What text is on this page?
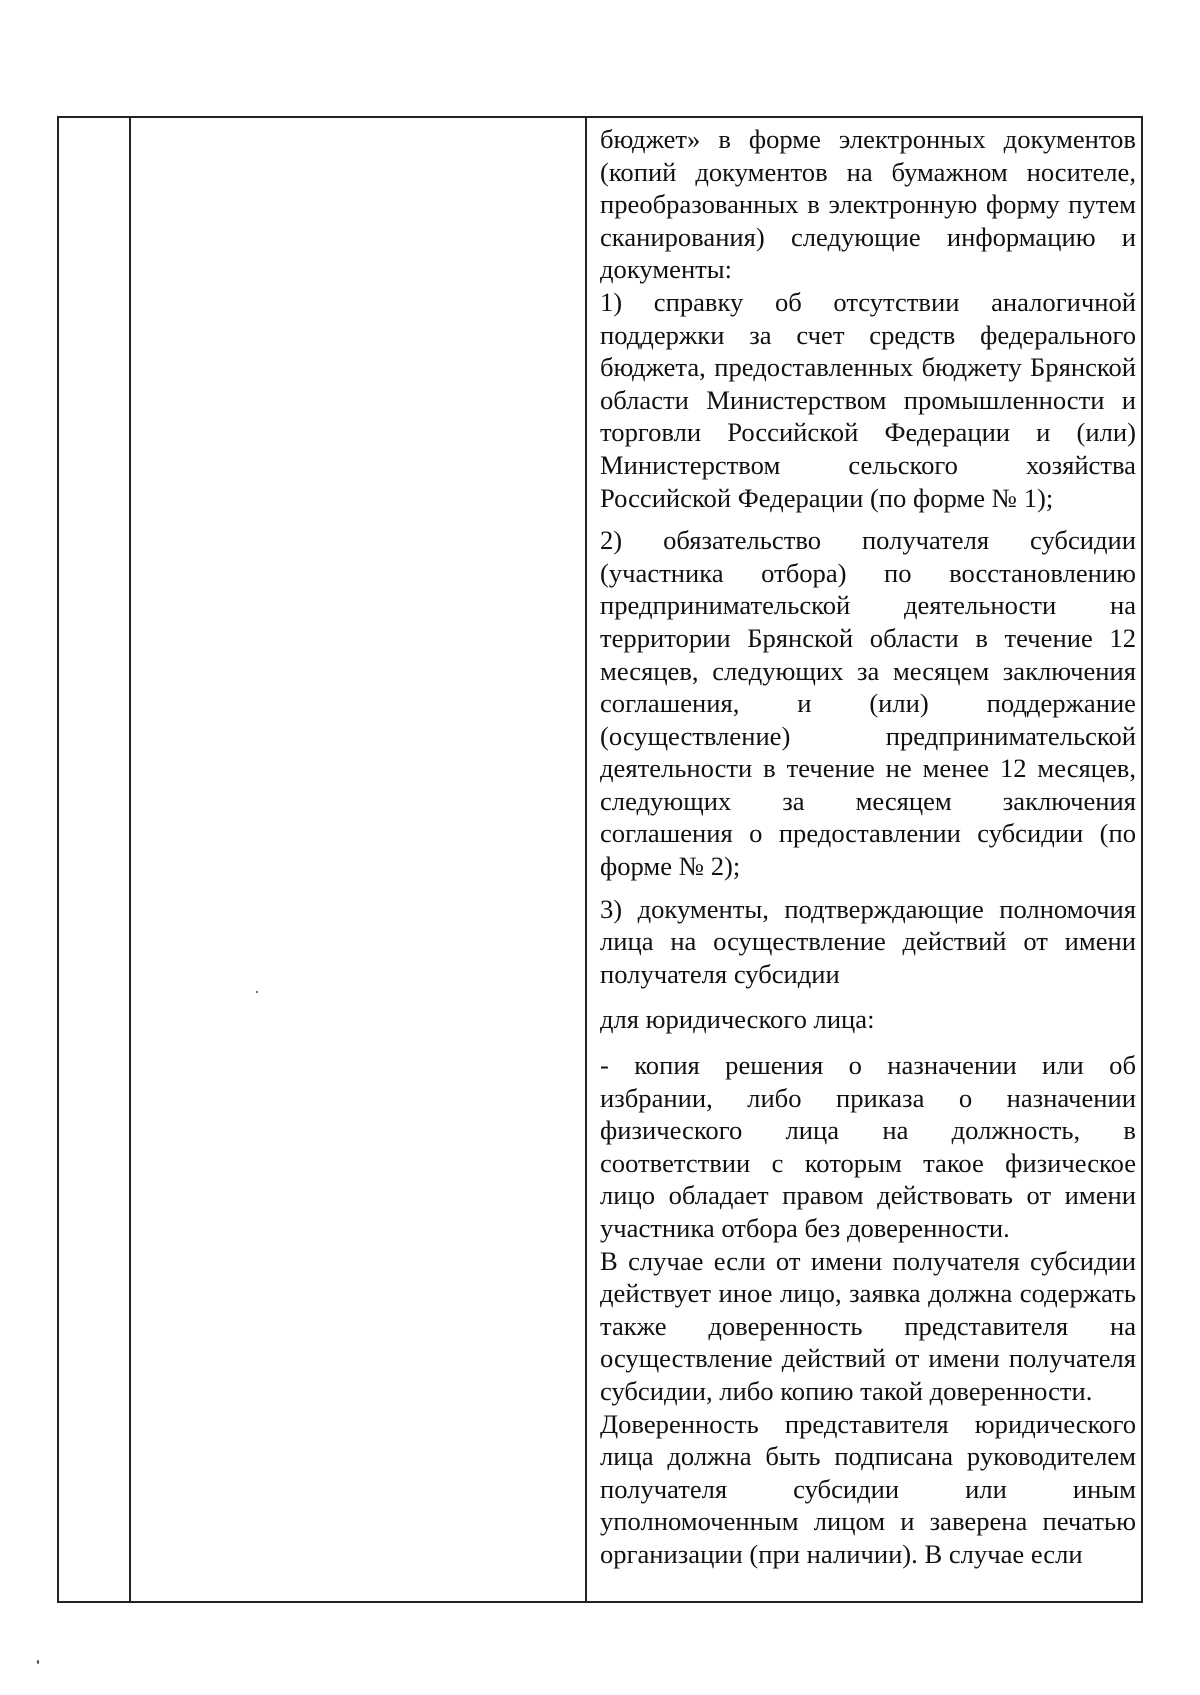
бюджет» в форме электронных документов (копий документов на бумажном носителе, преобразованных в электронную форму путем сканирования) следующие информацию и документы:

1) справку об отсутствии аналогичной поддержки за счет средств федерального бюджета, предоставленных бюджету Брянской области Министерством промышленности и торговли Российской Федерации и (или) Министерством сельского хозяйства Российской Федерации (по форме № 1);

2) обязательство получателя субсидии (участника отбора) по восстановлению предпринимательской деятельности на территории Брянской области в течение 12 месяцев, следующих за месяцем заключения соглашения, и (или) поддержание (осуществление) предпринимательской деятельности в течение не менее 12 месяцев, следующих за месяцем заключения соглашения о предоставлении субсидии (по форме № 2);

3) документы, подтверждающие полномочия лица на осуществление действий от имени получателя субсидии

для юридического лица:

- копия решения о назначении или об избрании, либо приказа о назначении физического лица на должность, в соответствии с которым такое физическое лицо обладает правом действовать от имени участника отбора без доверенности.

В случае если от имени получателя субсидии действует иное лицо, заявка должна содержать также доверенность представителя на осуществление действий от имени получателя субсидии, либо копию такой доверенности.

Доверенность представителя юридического лица должна быть подписана руководителем получателя субсидии или иным уполномоченным лицом и заверена печатью организации (при наличии). В случае если
